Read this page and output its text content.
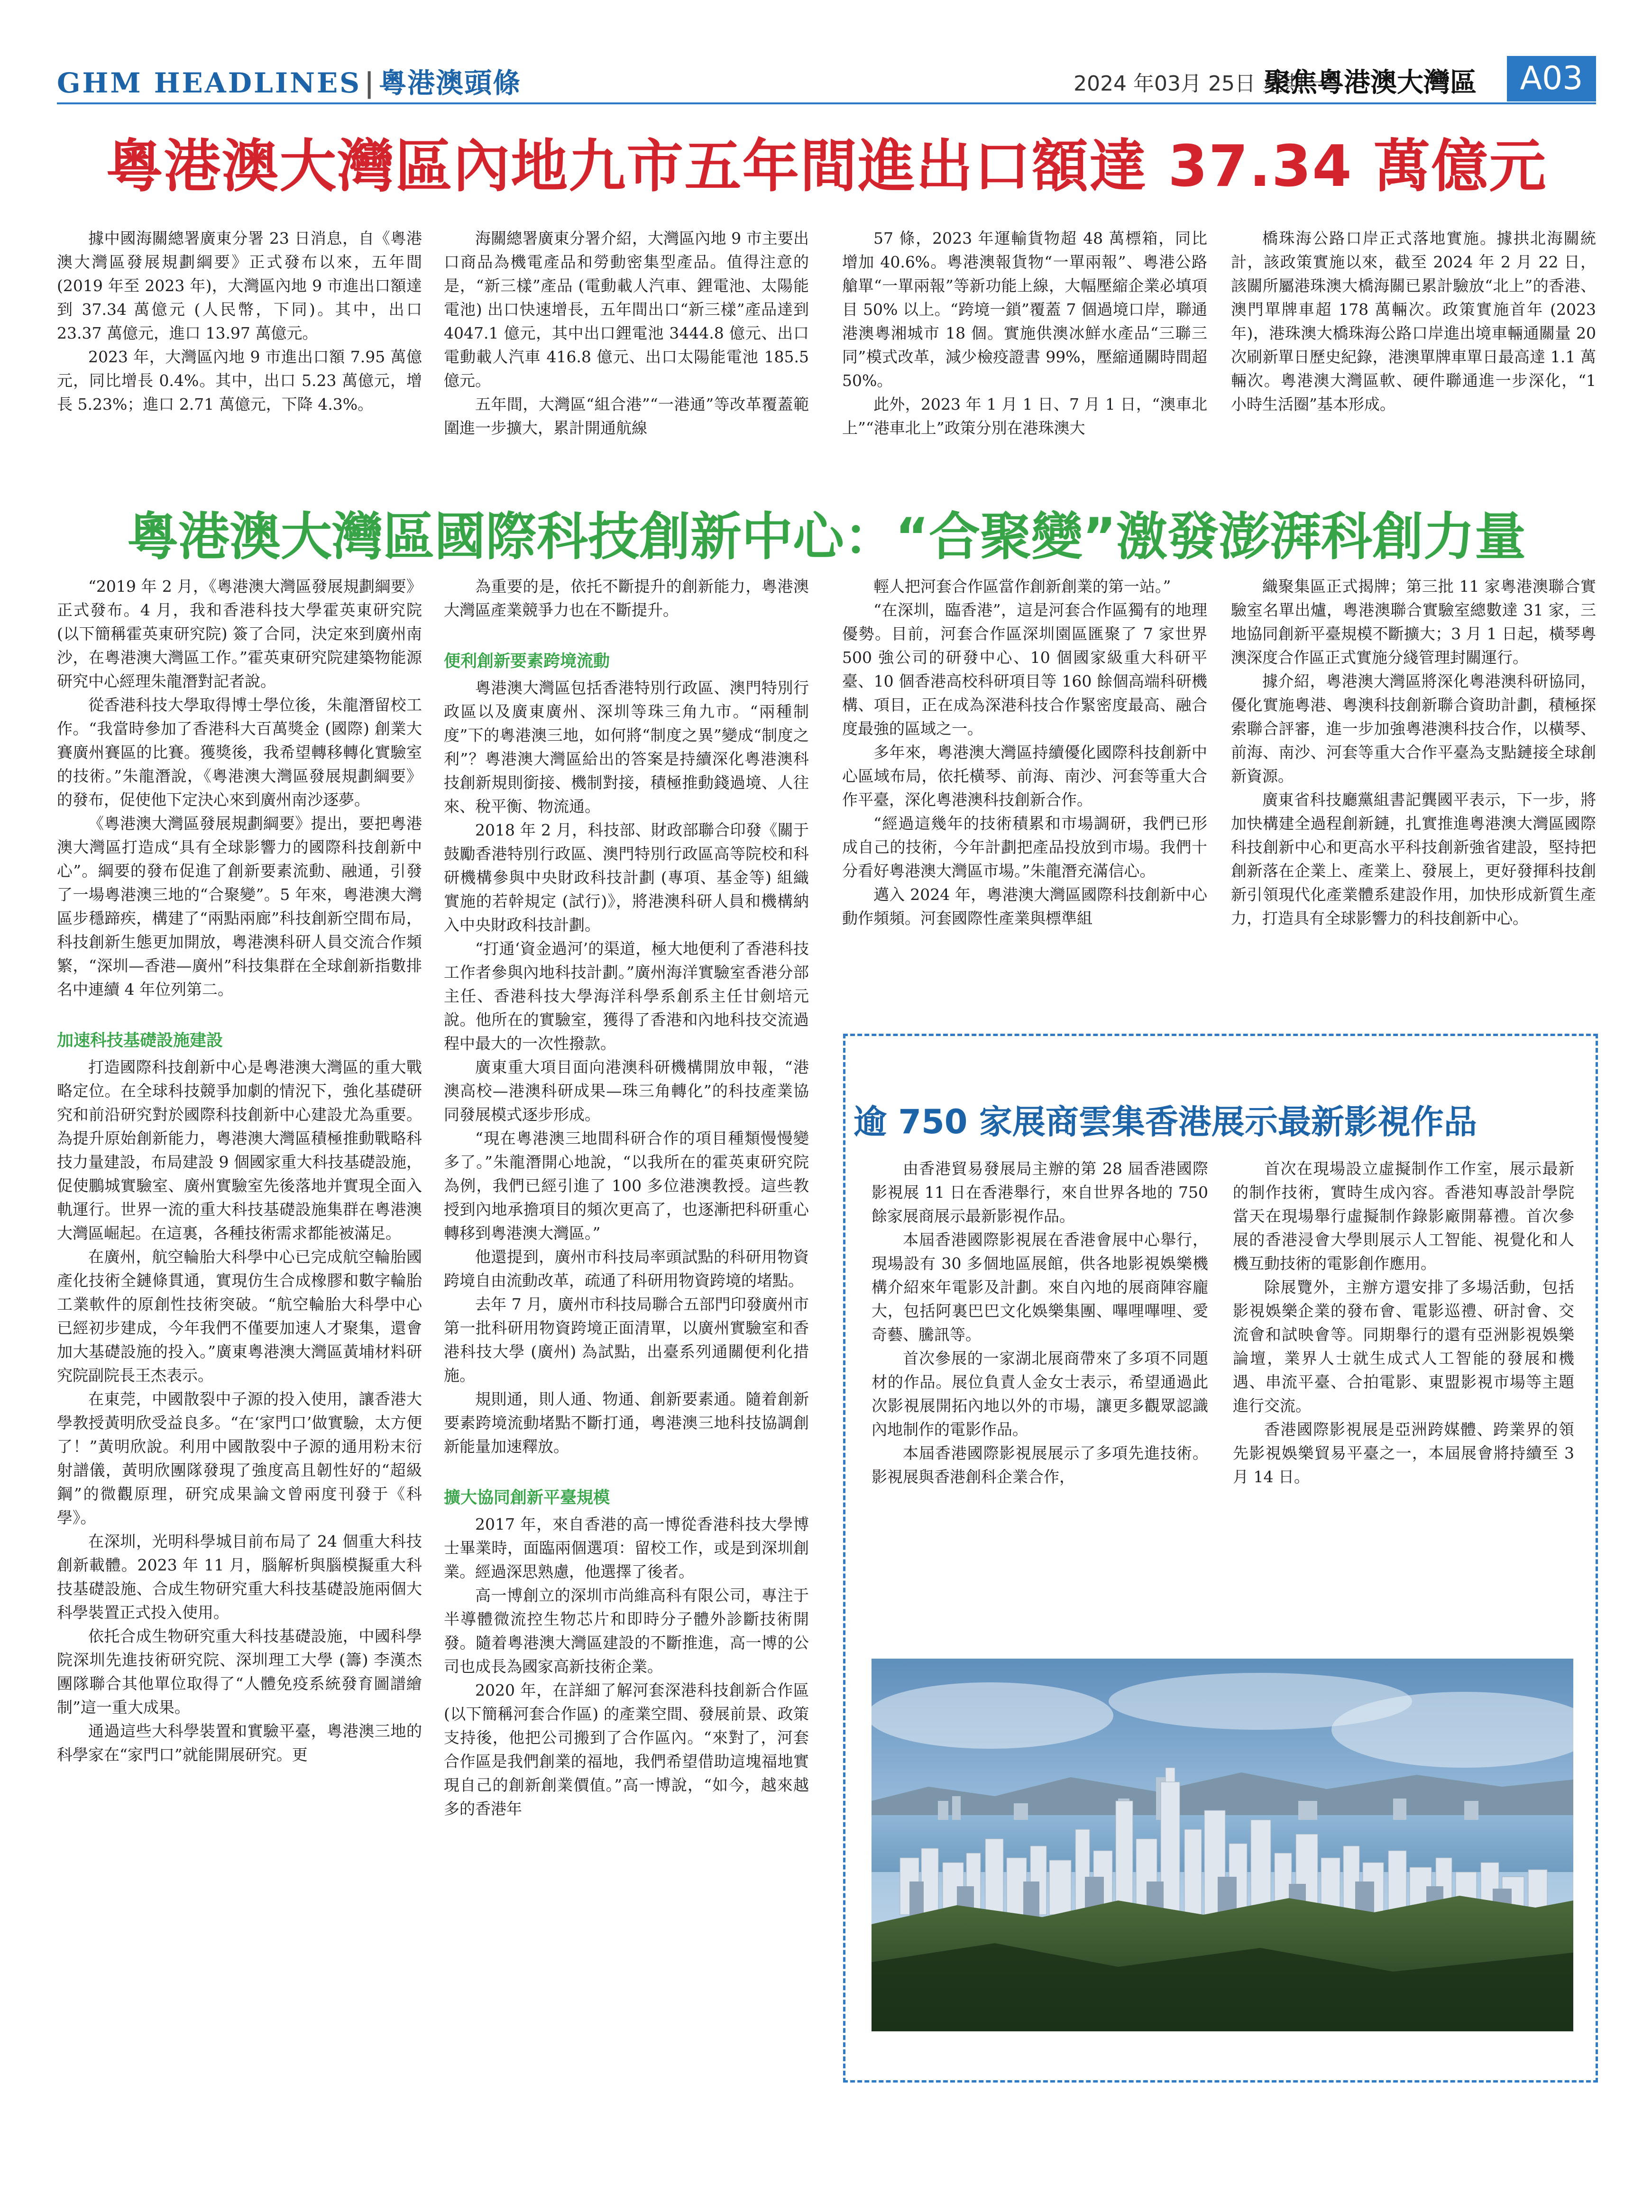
GHM HEADLINES | 粵港澳頭條	2024 年03月 25日 星期一
聚焦粵港澳大灣區	A03
粵港澳大灣區內地九市五年間進出口額達 37.34 萬億元

據中國海關總署廣東分署 23 日消息，自《粵港澳大灣區發展規劃綱要》正式發布以來，五年間 (2019 年至 2023 年)，大灣區內地 9 市進出口額達到 37.34 萬億元 (人民幣，下同)。其中，出口 23.37 萬億元，進口 13.97 萬億元。

2023 年，大灣區內地 9 市進出口額 7.95 萬億元，同比增長 0.4%。其中，出口 5.23 萬億元，增長 5.23%；進口 2.71 萬億元，下降 4.3%。

海關總署廣東分署介紹，大灣區內地 9 市主要出口商品為機電產品和勞動密集型產品。值得注意的是，“新三樣”產品 (電動載人汽車、鋰電池、太陽能電池) 出口快速增長，五年間出口“新三樣”產品達到 4047.1 億元，其中出口鋰電池 3444.8 億元、出口電動載人汽車 416.8 億元、出口太陽能電池 185.5 億元。

五年間，大灣區“組合港”“一港通”等改革覆蓋範圍進一步擴大，累計開通航線

57 條，2023 年運輸貨物超 48 萬標箱，同比增加 40.6%。粵港澳報貨物“一單兩報”、粵港公路艙單“一單兩報”等新功能上線，大幅壓縮企業必填項目 50% 以上。“跨境一鎖”覆蓋 7 個過境口岸，聯通港澳粵湘城市 18 個。實施供澳冰鮮水產品“三聯三同”模式改革，減少檢疫證書 99%，壓縮通關時間超 50%。

此外，2023 年 1 月 1 日、7 月 1 日，“澳車北上”“港車北上”政策分別在港珠澳大

橋珠海公路口岸正式落地實施。據拱北海關統計，該政策實施以來，截至 2024 年 2 月 22 日，該關所屬港珠澳大橋海關已累計驗放“北上”的香港、澳門單牌車超 178 萬輛次。政策實施首年 (2023 年)，港珠澳大橋珠海公路口岸進出境車輛通關量 20 次刷新單日歷史紀錄，港澳單牌車單日最高達 1.1 萬輛次。粵港澳大灣區軟、硬件聯通進一步深化，“1 小時生活圈”基本形成。

粵港澳大灣區國際科技創新中心：“合聚變”激發澎湃科創力量

“2019 年 2 月，《粵港澳大灣區發展規劃綱要》正式發布。4 月，我和香港科技大學霍英東研究院 (以下簡稱霍英東研究院) 簽了合同，決定來到廣州南沙，在粵港澳大灣區工作。”霍英東研究院建築物能源研究中心經理朱龍潛對記者說。

從香港科技大學取得博士學位後，朱龍潛留校工作。“我當時參加了香港科大百萬獎金 (國際) 創業大賽廣州賽區的比賽。獲獎後，我希望轉移轉化實驗室的技術。”朱龍潛說，《粵港澳大灣區發展規劃綱要》的發布，促使他下定決心來到廣州南沙逐夢。

《粵港澳大灣區發展規劃綱要》提出，要把粵港澳大灣區打造成“具有全球影響力的國際科技創新中心”。綱要的發布促進了創新要素流動、融通，引發了一場粵港澳三地的“合聚變”。5 年來，粵港澳大灣區步穩蹄疾，構建了“兩點兩廊”科技創新空間布局，科技創新生態更加開放，粵港澳科研人員交流合作頻繁，“深圳—香港—廣州”科技集群在全球創新指數排名中連續 4 年位列第二。

加速科技基礎設施建設

打造國際科技創新中心是粵港澳大灣區的重大戰略定位。在全球科技競爭加劇的情況下，強化基礎研究和前沿研究對於國際科技創新中心建設尤為重要。為提升原始創新能力，粵港澳大灣區積極推動戰略科技力量建設，布局建設 9 個國家重大科技基礎設施，促使鵬城實驗室、廣州實驗室先後落地并實現全面入軌運行。世界一流的重大科技基礎設施集群在粵港澳大灣區崛起。在這裏，各種技術需求都能被滿足。

在廣州，航空輪胎大科學中心已完成航空輪胎國產化技術全鏈條貫通，實現仿生合成橡膠和數字輪胎工業軟件的原創性技術突破。“航空輪胎大科學中心已經初步建成，今年我們不僅要加速人才聚集，還會加大基礎設施的投入。”廣東粵港澳大灣區黃埔材料研究院副院長王杰表示。

在東莞，中國散裂中子源的投入使用，讓香港大學教授黃明欣受益良多。“在‘家門口’做實驗，太方便了！”黃明欣說。利用中國散裂中子源的通用粉末衍射譜儀，黃明欣團隊發現了強度高且韌性好的“超級鋼”的微觀原理，研究成果論文曾兩度刊發于《科學》。

在深圳，光明科學城目前布局了 24 個重大科技創新載體。2023 年 11 月，腦解析與腦模擬重大科技基礎設施、合成生物研究重大科技基礎設施兩個大科學裝置正式投入使用。

依托合成生物研究重大科技基礎設施，中國科學院深圳先進技術研究院、深圳理工大學 (籌) 李漢杰團隊聯合其他單位取得了“人體免疫系統發育圖譜繪制”這一重大成果。

通過這些大科學裝置和實驗平臺，粵港澳三地的科學家在“家門口”就能開展研究。更

為重要的是，依托不斷提升的創新能力，粵港澳大灣區產業競爭力也在不斷提升。

便利創新要素跨境流動

粵港澳大灣區包括香港特別行政區、澳門特別行政區以及廣東廣州、深圳等珠三角九市。“兩種制度”下的粵港澳三地，如何將“制度之異”變成“制度之利”？粵港澳大灣區給出的答案是持續深化粵港澳科技創新規則銜接、機制對接，積極推動錢過境、人往來、稅平衡、物流通。

2018 年 2 月，科技部、財政部聯合印發《關于鼓勵香港特別行政區、澳門特別行政區高等院校和科研機構參與中央財政科技計劃 (專項、基金等) 組織實施的若幹規定 (試行)》，將港澳科研人員和機構納入中央財政科技計劃。

“打通‘資金過河’的渠道，極大地便利了香港科技工作者參與內地科技計劃。”廣州海洋實驗室香港分部主任、香港科技大學海洋科學系創系主任甘劍培元說。他所在的實驗室，獲得了香港和內地科技交流過程中最大的一次性撥款。

廣東重大項目面向港澳科研機構開放申報，“港澳高校—港澳科研成果—珠三角轉化”的科技產業協同發展模式逐步形成。

“現在粵港澳三地間科研合作的項目種類慢慢變多了。”朱龍潛開心地說，“以我所在的霍英東研究院為例，我們已經引進了 100 多位港澳教授。這些教授到內地承擔項目的頻次更高了，也逐漸把科研重心轉移到粵港澳大灣區。”

他還提到，廣州市科技局率頭試點的科研用物資跨境自由流動改革，疏通了科研用物資跨境的堵點。

去年 7 月，廣州市科技局聯合五部門印發廣州市第一批科研用物資跨境正面清單，以廣州實驗室和香港科技大學 (廣州) 為試點，出臺系列通關便利化措施。

規則通，則人通、物通、創新要素通。隨着創新要素跨境流動堵點不斷打通，粵港澳三地科技協調創新能量加速釋放。

擴大協同創新平臺規模

2017 年，來自香港的高一博從香港科技大學博士畢業時，面臨兩個選項：留校工作，或是到深圳創業。經過深思熟慮，他選擇了後者。

高一博創立的深圳市尚維高科有限公司，專注于半導體微流控生物芯片和即時分子體外診斷技術開發。隨着粵港澳大灣區建設的不斷推進，高一博的公司也成長為國家高新技術企業。

2020 年，在詳細了解河套深港科技創新合作區 (以下簡稱河套合作區) 的產業空間、發展前景、政策支持後，他把公司搬到了合作區內。“來對了，河套合作區是我們創業的福地，我們希望借助這塊福地實現自己的創新創業價值。”高一博說，“如今，越來越多的香港年

輕人把河套合作區當作創新創業的第一站。”

“在深圳，臨香港”，這是河套合作區獨有的地理優勢。目前，河套合作區深圳園區匯聚了 7 家世界 500 強公司的研發中心、10 個國家級重大科研平臺、10 個香港高校科研項目等 160 餘個高端科研機構、項目，正在成為深港科技合作緊密度最高、融合度最強的區域之一。

多年來，粵港澳大灣區持續優化國際科技創新中心區域布局，依托橫琴、前海、南沙、河套等重大合作平臺，深化粵港澳科技創新合作。

“經過這幾年的技術積累和市場調研，我們已形成自己的技術，今年計劃把產品投放到市場。我們十分看好粵港澳大灣區市場。”朱龍潛充滿信心。

邁入 2024 年，粵港澳大灣區國際科技創新中心動作頻頻。河套國際性產業與標準組

織聚集區正式揭牌；第三批 11 家粵港澳聯合實驗室名單出爐，粵港澳聯合實驗室總數達 31 家，三地協同創新平臺規模不斷擴大；3 月 1 日起，橫琴粵澳深度合作區正式實施分綫管理封關運行。

據介紹，粵港澳大灣區將深化粵港澳科研協同，優化實施粵港、粵澳科技創新聯合資助計劃，積極探索聯合評審，進一步加強粵港澳科技合作，以橫琴、前海、南沙、河套等重大合作平臺為支點鏈接全球創新資源。

廣東省科技廳黨組書記龔國平表示，下一步，將加快構建全過程創新鏈，扎實推進粵港澳大灣區國際科技創新中心和更高水平科技創新強省建設，堅持把創新落在企業上、產業上、發展上，更好發揮科技創新引領現代化產業體系建設作用，加快形成新質生產力，打造具有全球影響力的科技創新中心。

逾 750 家展商雲集香港展示最新影視作品

由香港貿易發展局主辦的第 28 屆香港國際影視展 11 日在香港舉行，來自世界各地的 750 餘家展商展示最新影視作品。

本屆香港國際影視展在香港會展中心舉行，現場設有 30 多個地區展館，供各地影視娛樂機構介紹來年電影及計劃。來自內地的展商陣容龐大，包括阿裏巴巴文化娛樂集團、嗶哩嗶哩、愛奇藝、騰訊等。

首次參展的一家湖北展商帶來了多項不同題材的作品。展位負責人金女士表示，希望通過此次影視展開拓內地以外的市場，讓更多觀眾認識內地制作的電影作品。

本屆香港國際影視展展示了多項先進技術。影視展與香港創科企業合作，

首次在現場設立虛擬制作工作室，展示最新的制作技術，實時生成內容。香港知專設計學院當天在現場舉行虛擬制作錄影廠開幕禮。首次參展的香港浸會大學則展示人工智能、視覺化和人機互動技術的電影創作應用。

除展覽外，主辦方還安排了多場活動，包括影視娛樂企業的發布會、電影巡禮、研討會、交流會和試映會等。同期舉行的還有亞洲影視娛樂論壇，業界人士就生成式人工智能的發展和機遇、串流平臺、合拍電影、東盟影視市場等主題進行交流。

香港國際影視展是亞洲跨媒體、跨業界的領先影視娛樂貿易平臺之一，本屆展會將持續至 3 月 14 日。
